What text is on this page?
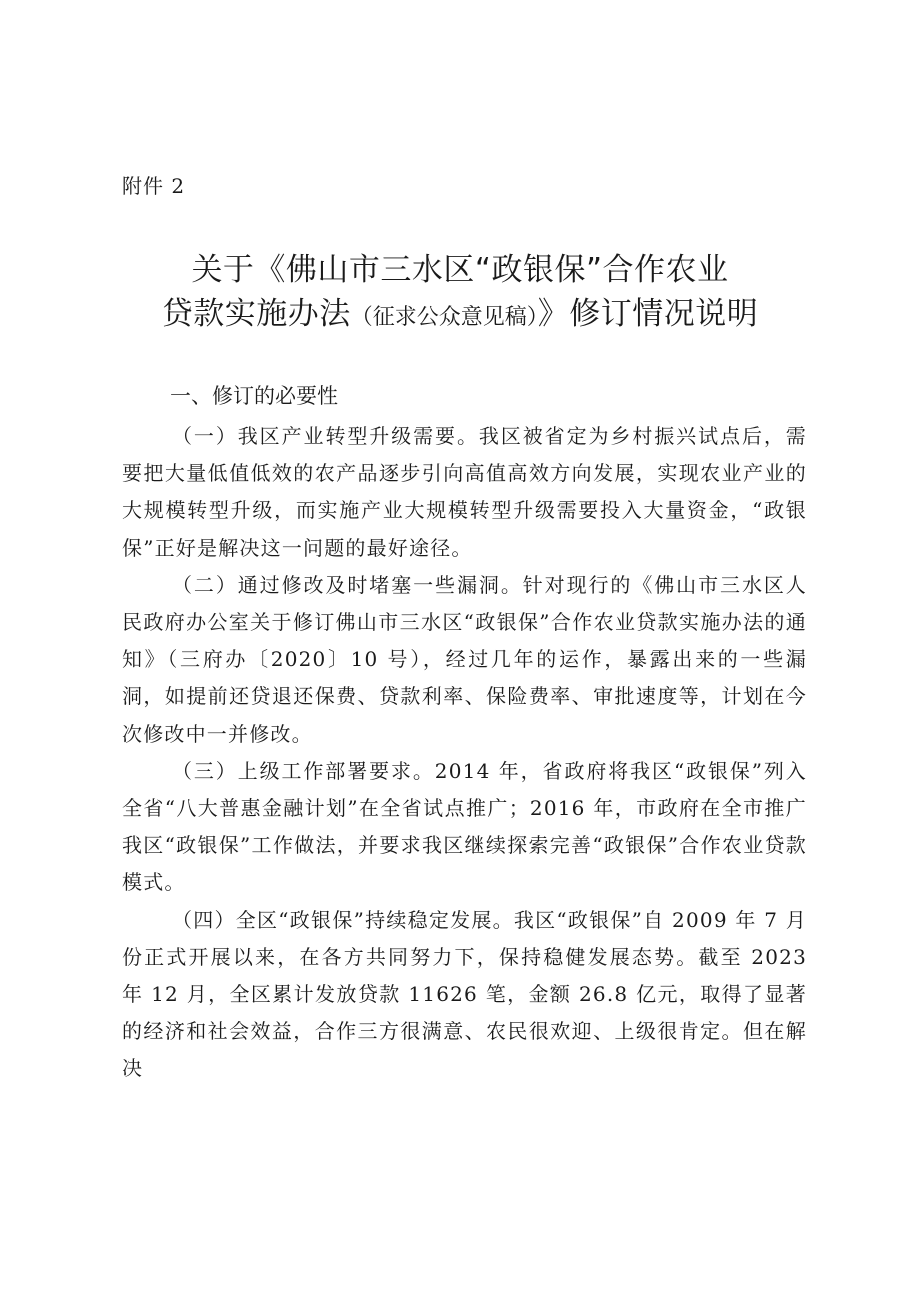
附件 2
关于《佛山市三水区“政银保”合作农业
贷款实施办法（征求公众意见稿）》修订情况说明
一、修订的必要性

（一）我区产业转型升级需要。我区被省定为乡村振兴试点后，需要把大量低值低效的农产品逐步引向高值高效方向发展，实现农业产业的大规模转型升级，而实施产业大规模转型升级需要投入大量资金，“政银保”正好是解决这一问题的最好途径。

（二）通过修改及时堵塞一些漏洞。针对现行的《佛山市三水区人民政府办公室关于修订佛山市三水区“政银保”合作农业贷款实施办法的通知》（三府办〔2020〕10 号），经过几年的运作，暴露出来的一些漏洞，如提前还贷退还保费、贷款利率、保险费率、审批速度等，计划在今次修改中一并修改。

（三）上级工作部署要求。2014 年，省政府将我区“政银保”列入全省“八大普惠金融计划”在全省试点推广；2016 年，市政府在全市推广我区“政银保”工作做法，并要求我区继续探索完善“政银保”合作农业贷款模式。

（四）全区“政银保”持续稳定发展。我区“政银保”自 2009 年 7 月份正式开展以来，在各方共同努力下，保持稳健发展态势。截至 2023 年 12 月，全区累计发放贷款 11626 笔，金额 26.8 亿元，取得了显著的经济和社会效益，合作三方很满意、农民很欢迎、上级很肯定。但在解决
